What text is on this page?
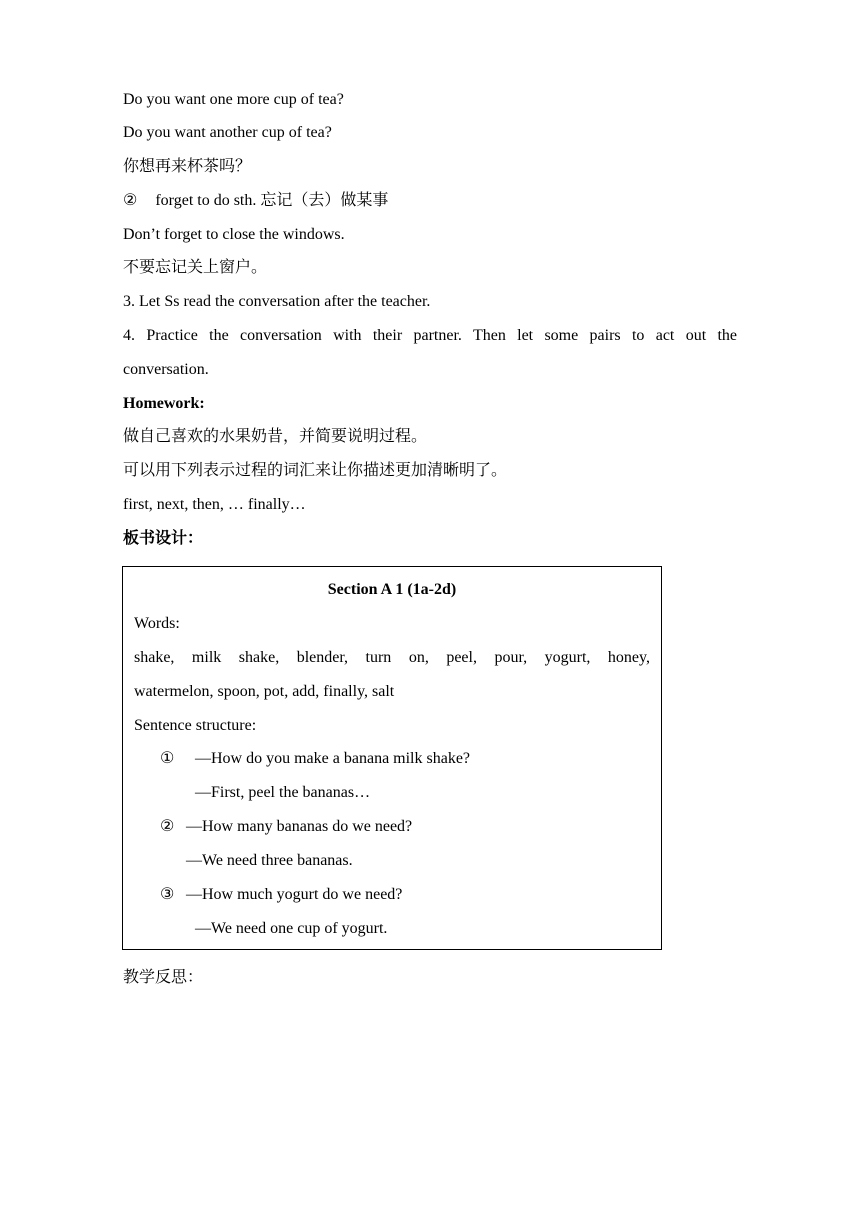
Do you want one more cup of tea?
Do you want another cup of tea?
你想再来杯茶吗？
② forget to do sth. 忘记（去）做某事
Don’t forget to close the windows.
不要忘记关上窗户。
3. Let Ss read the conversation after the teacher.
4. Practice the conversation with their partner. Then let some pairs to act out the
conversation.
Homework:
做自己喜欢的水果奶昔，并简要说明过程。
可以用下列表示过程的词汇来让你描述更加清晰明了。
first, next, then, … finally…
板书设计：
Section A 1 (1a-2d)
Words:
shake, milk shake, blender, turn on, peel, pour, yogurt, honey,
watermelon, spoon, pot, add, finally, salt
Sentence structure:
① —How do you make a banana milk shake?
—First, peel the bananas…
② —How many bananas do we need?
—We need three bananas.
③ —How much yogurt do we need?
—We need one cup of yogurt.
教学反思：
